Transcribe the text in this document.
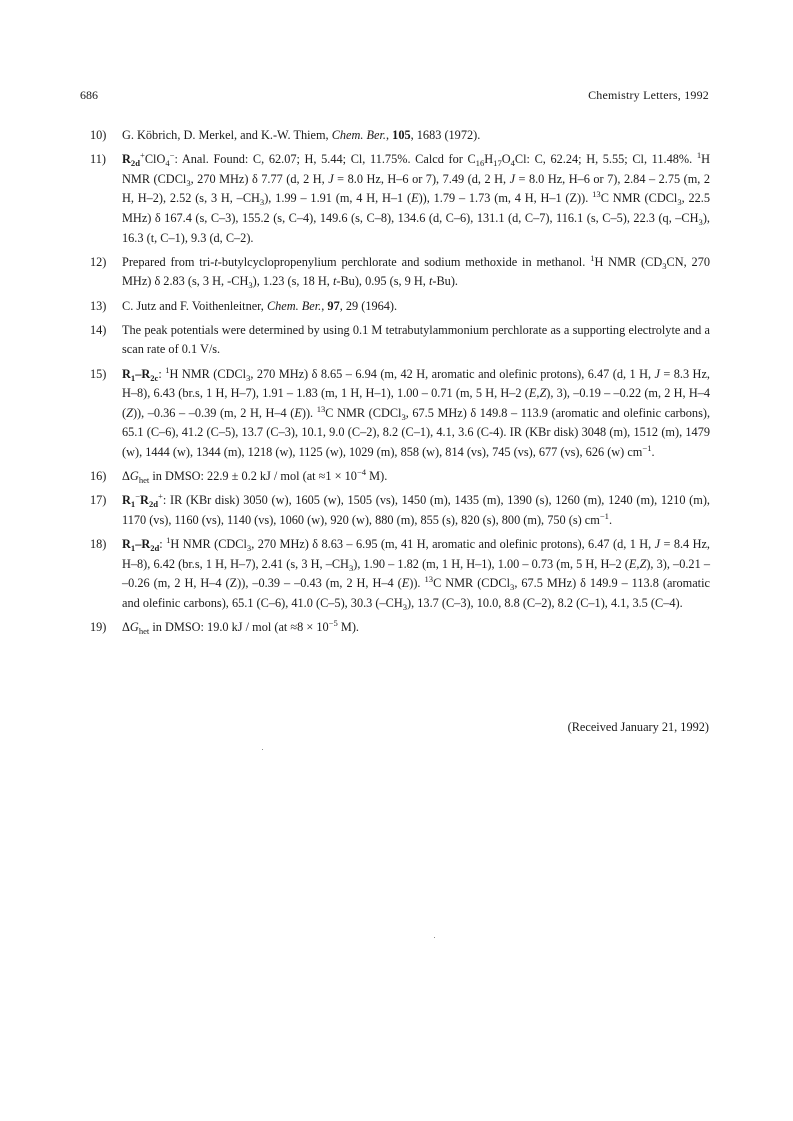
686	Chemistry Letters, 1992
10) G. Köbrich, D. Merkel, and K.-W. Thiem, Chem. Ber., 105, 1683 (1972).
11) $R_{2d}^+ClO_4^-$: Anal. Found: C, 62.07; H, 5.44; Cl, 11.75%. Calcd for $C_{16}H_{17}O_4Cl$: C, 62.24; H, 5.55; Cl, 11.48%. $^1$H NMR (CDCl$_3$, 270 MHz) δ 7.77 (d, 2 H, J = 8.0 Hz, H–6 or 7), 7.49 (d, 2 H, J = 8.0 Hz, H–6 or 7), 2.84 – 2.75 (m, 2 H, H–2), 2.52 (s, 3 H, $-CH_3$), 1.99 – 1.91 (m, 4 H, H–1 (E)), 1.79 – 1.73 (m, 4 H, H–1 (Z)). $^{13}$C NMR (CDCl$_3$, 22.5 MHz) δ 167.4 (s, C–3), 155.2 (s, C–4), 149.6 (s, C–8), 134.6 (d, C–6), 131.1 (d, C–7), 116.1 (s, C–5), 22.3 (q, $-CH_3$), 16.3 (t, C–1), 9.3 (d, C–2).
12) Prepared from tri-t-butylcyclopropenylium perchlorate and sodium methoxide in methanol. $^1$H NMR ($CD_3CN$, 270 MHz) δ 2.83 (s, 3 H, $-CH_3$), 1.23 (s, 18 H, t-Bu), 0.95 (s, 9 H, t-Bu).
13) C. Jutz and F. Voithenleitner, Chem. Ber., 97, 29 (1964).
14) The peak potentials were determined by using 0.1 M tetrabutylammonium perchlorate as a supporting electrolyte and a scan rate of 0.1 V/s.
15) $R_1-R_{2c}$: $^1$H NMR (CDCl$_3$, 270 MHz) δ 8.65 – 6.94 (m, 42 H, aromatic and olefinic protons), 6.47 (d, 1 H, J = 8.3 Hz, H–8), 6.43 (br.s, 1 H, H–7), 1.91 – 1.83 (m, 1 H, H–1), 1.00 – 0.71 (m, 5 H, H–2 (E,Z), 3), –0.19 – –0.22 (m, 2 H, H–4 (Z)), –0.36 – –0.39 (m, 2 H, H–4 (E)). $^{13}$C NMR (CDCl$_3$, 67.5 MHz) δ 149.8 – 113.9 (aromatic and olefinic carbons), 65.1 (C–6), 41.2 (C–5), 13.7 (C–3), 10.1, 9.0 (C–2), 8.2 (C–1), 4.1, 3.6 (C-4). IR (KBr disk) 3048 (m), 1512 (m), 1479 (w), 1444 (w), 1344 (m), 1218 (w), 1125 (w), 1029 (m), 858 (w), 814 (vs), 745 (vs), 677 (vs), 626 (w) $cm^{-1}$.
16) $\Delta G_{het}$ in DMSO: 22.9 ± 0.2 kJ / mol ($at \approx 1 \times 10^{-4}$ M).
17) $R_1^-R_{2d}^+$: IR (KBr disk) 3050 (w), 1605 (w), 1505 (vs), 1450 (m), 1435 (m), 1390 (s), 1260 (m), 1240 (m), 1210 (m), 1170 (vs), 1160 (vs), 1140 (vs), 1060 (w), 920 (w), 880 (m), 855 (s), 820 (s), 800 (m), 750 (s) $cm^{-1}$.
18) $R_1-R_{2d}$: $^1$H NMR (CDCl$_3$, 270 MHz) δ 8.63 – 6.95 (m, 41 H, aromatic and olefinic protons), 6.47 (d, 1 H, J = 8.4 Hz, H–8), 6.42 (br.s, 1 H, H–7), 2.41 (s, 3 H, $-CH_3$), 1.90 – 1.82 (m, 1 H, H–1), 1.00 – 0.73 (m, 5 H, H–2 (E,Z), 3), –0.21 – –0.26 (m, 2 H, H–4 (Z)), –0.39 – –0.43 (m, 2 H, H–4 (E)). $^{13}$C NMR (CDCl$_3$, 67.5 MHz) δ 149.9 – 113.8 (aromatic and olefinic carbons), 65.1 (C–6), 41.0 (C–5), 30.3 $(-CH_3)$, 13.7 (C–3), 10.0, 8.8 (C–2), 8.2 (C–1), 4.1, 3.5 (C–4).
19) $\Delta G_{het}$ in DMSO: 19.0 kJ / mol ($at \approx 8 \times 10^{-5}$ M).
(Received January 21, 1992)
